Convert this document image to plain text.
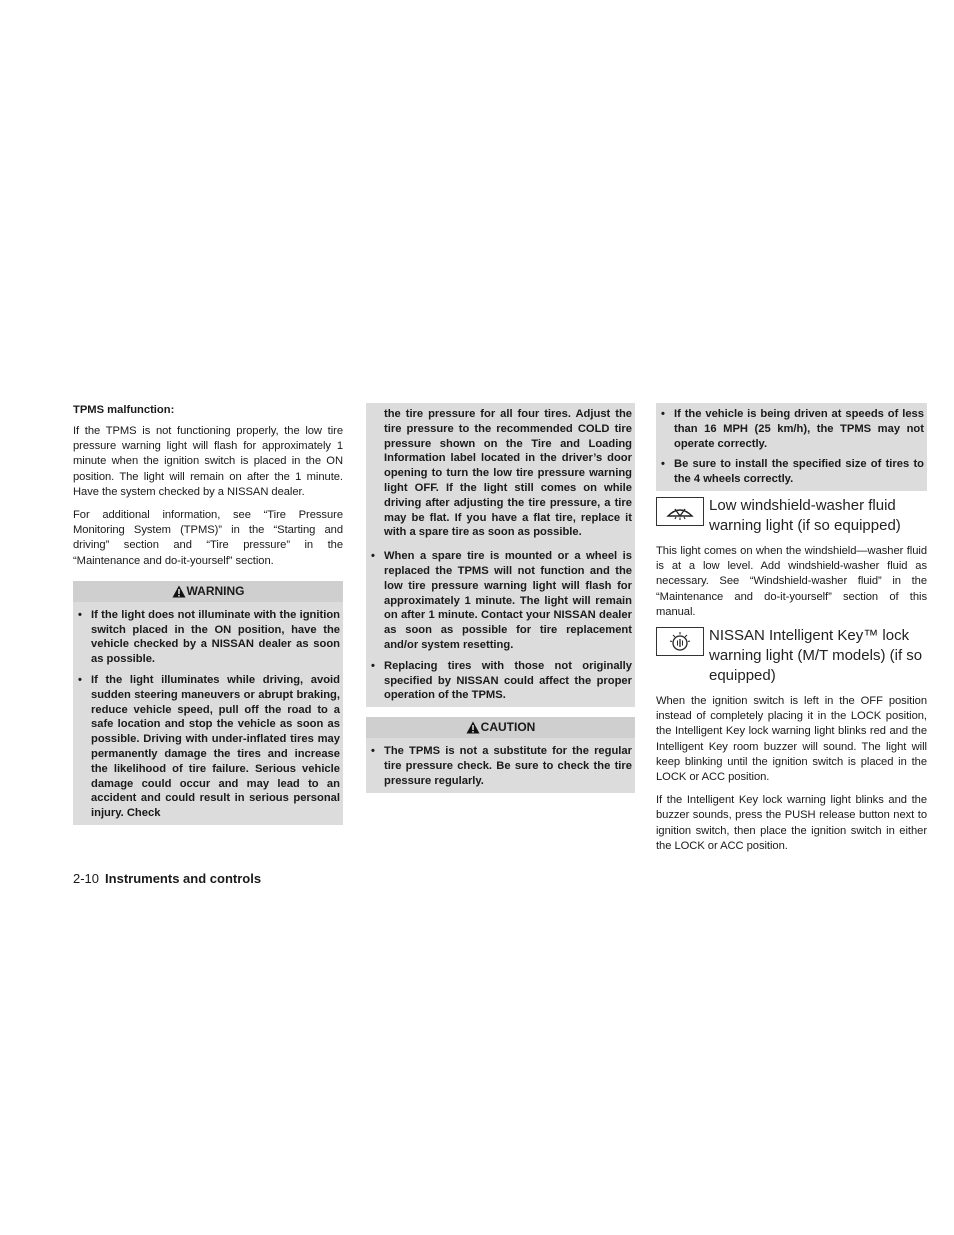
TPMS malfunction:

If the TPMS is not functioning properly, the low tire pressure warning light will flash for approximately 1 minute when the ignition switch is placed in the ON position. The light will remain on after the 1 minute. Have the system checked by a NISSAN dealer.

For additional information, see “Tire Pressure Monitoring System (TPMS)” in the “Starting and driving” section and “Tire pressure” in the “Maintenance and do-it-yourself” section.

WARNING
• If the light does not illuminate with the ignition switch placed in the ON position, have the vehicle checked by a NISSAN dealer as soon as possible.
• If the light illuminates while driving, avoid sudden steering maneuvers or abrupt braking, reduce vehicle speed, pull off the road to a safe location and stop the vehicle as soon as possible. Driving with under-inflated tires may permanently damage the tires and increase the likelihood of tire failure. Serious vehicle damage could occur and may lead to an accident and could result in serious personal injury. Check
the tire pressure for all four tires. Adjust the tire pressure to the recommended COLD tire pressure shown on the Tire and Loading Information label located in the driver’s door opening to turn the low tire pressure warning light OFF. If the light still comes on while driving after adjusting the tire pressure, a tire may be flat. If you have a flat tire, replace it with a spare tire as soon as possible.
• When a spare tire is mounted or a wheel is replaced the TPMS will not function and the low tire pressure warning light will flash for approximately 1 minute. The light will remain on after 1 minute. Contact your NISSAN dealer as soon as possible for tire replacement and/or system resetting.
• Replacing tires with those not originally specified by NISSAN could affect the proper operation of the TPMS.
CAUTION
• The TPMS is not a substitute for the regular tire pressure check. Be sure to check the tire pressure regularly.
• If the vehicle is being driven at speeds of less than 16 MPH (25 km/h), the TPMS may not operate correctly.
• Be sure to install the specified size of tires to the 4 wheels correctly.
Low windshield-washer fluid warning light (if so equipped)

This light comes on when the windshield—washer fluid is at a low level. Add windshield-washer fluid as necessary. See “Windshield-washer fluid” in the “Maintenance and do-it-yourself” section of this manual.

NISSAN Intelligent Key™ lock warning light (M/T models) (if so equipped)

When the ignition switch is left in the OFF position instead of completely placing it in the LOCK position, the Intelligent Key lock warning light blinks red and the Intelligent Key room buzzer will sound. The light will keep blinking until the ignition switch is placed in the LOCK or ACC position.

If the Intelligent Key lock warning light blinks and the buzzer sounds, press the PUSH release button next to ignition switch, then place the ignition switch in either the LOCK or ACC position.

2-10 Instruments and controls
